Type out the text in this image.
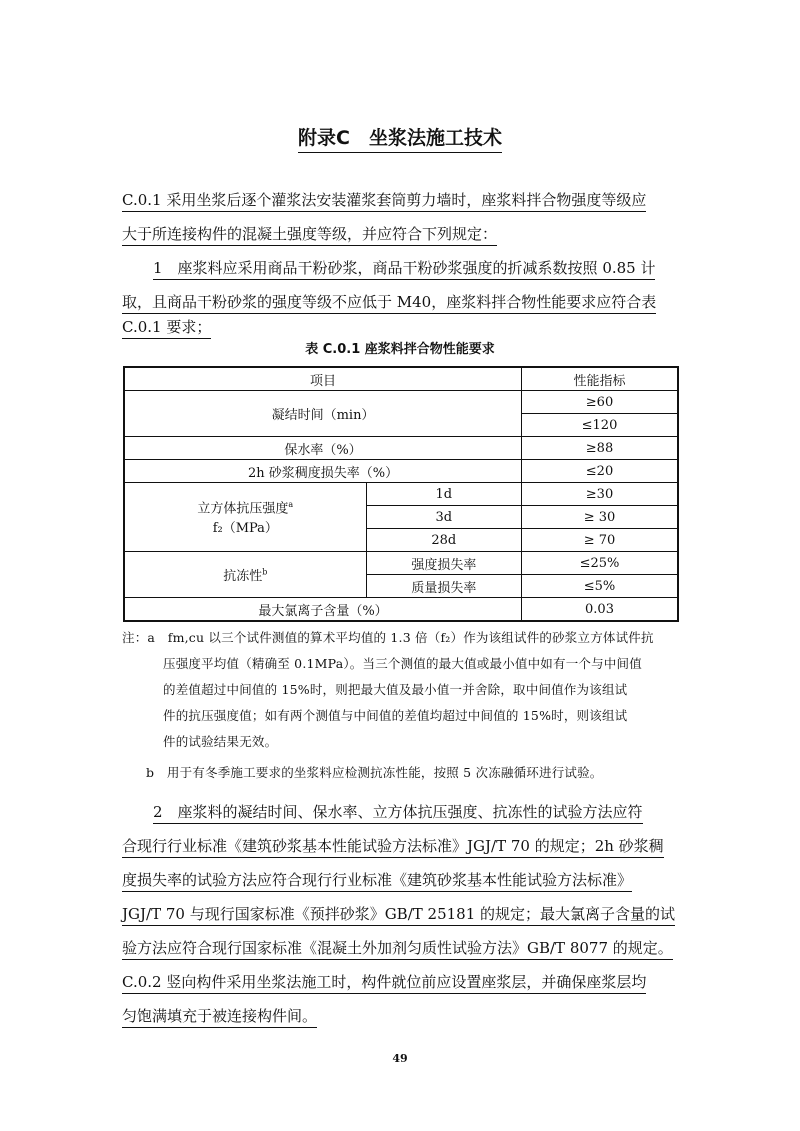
附录C　坐浆法施工技术
C.0.1 采用坐浆后逐个灌浆法安装灌浆套筒剪力墙时，座浆料拌合物强度等级应
大于所连接构件的混凝土强度等级，并应符合下列规定：
1　座浆料应采用商品干粉砂浆，商品干粉砂浆强度的折减系数按照 0.85 计
取，且商品干粉砂浆的强度等级不应低于 M40，座浆料拌合物性能要求应符合表
C.0.1 要求；
表 C.0.1 座浆料拌合物性能要求
项目		性能指标
凝结时间（min）		≥60
		≤120
保水率（%）		≥88
2h 砂浆稠度损失率（%）		≤20
立方体抗压强度$^a$
f₂（MPa）	1d	≥30
	3d	≥ 30
	28d	≥ 70
抗冻性$^b$	强度损失率	≤25%
	质量损失率	≤5%
最大氯离子含量（%）		0.03
注：a　fm,cu 以三个试件测值的算术平均值的 1.3 倍（f₂）作为该组试件的砂浆立方体试件抗
压强度平均值（精确至 0.1MPa）。当三个测值的最大值或最小值中如有一个与中间值
的差值超过中间值的 15%时，则把最大值及最小值一并舍除，取中间值作为该组试
件的抗压强度值；如有两个测值与中间值的差值均超过中间值的 15%时，则该组试
件的试验结果无效。
b　用于有冬季施工要求的坐浆料应检测抗冻性能，按照 5 次冻融循环进行试验。
2　座浆料的凝结时间、保水率、立方体抗压强度、抗冻性的试验方法应符
合现行行业标准《建筑砂浆基本性能试验方法标准》JGJ/T 70 的规定；2h 砂浆稠
度损失率的试验方法应符合现行行业标准《建筑砂浆基本性能试验方法标准》
JGJ/T 70 与现行国家标准《预拌砂浆》GB/T 25181 的规定；最大氯离子含量的试
验方法应符合现行国家标准《混凝土外加剂匀质性试验方法》GB/T 8077 的规定。
C.0.2 竖向构件采用坐浆法施工时，构件就位前应设置座浆层，并确保座浆层均
匀饱满填充于被连接构件间。
49
